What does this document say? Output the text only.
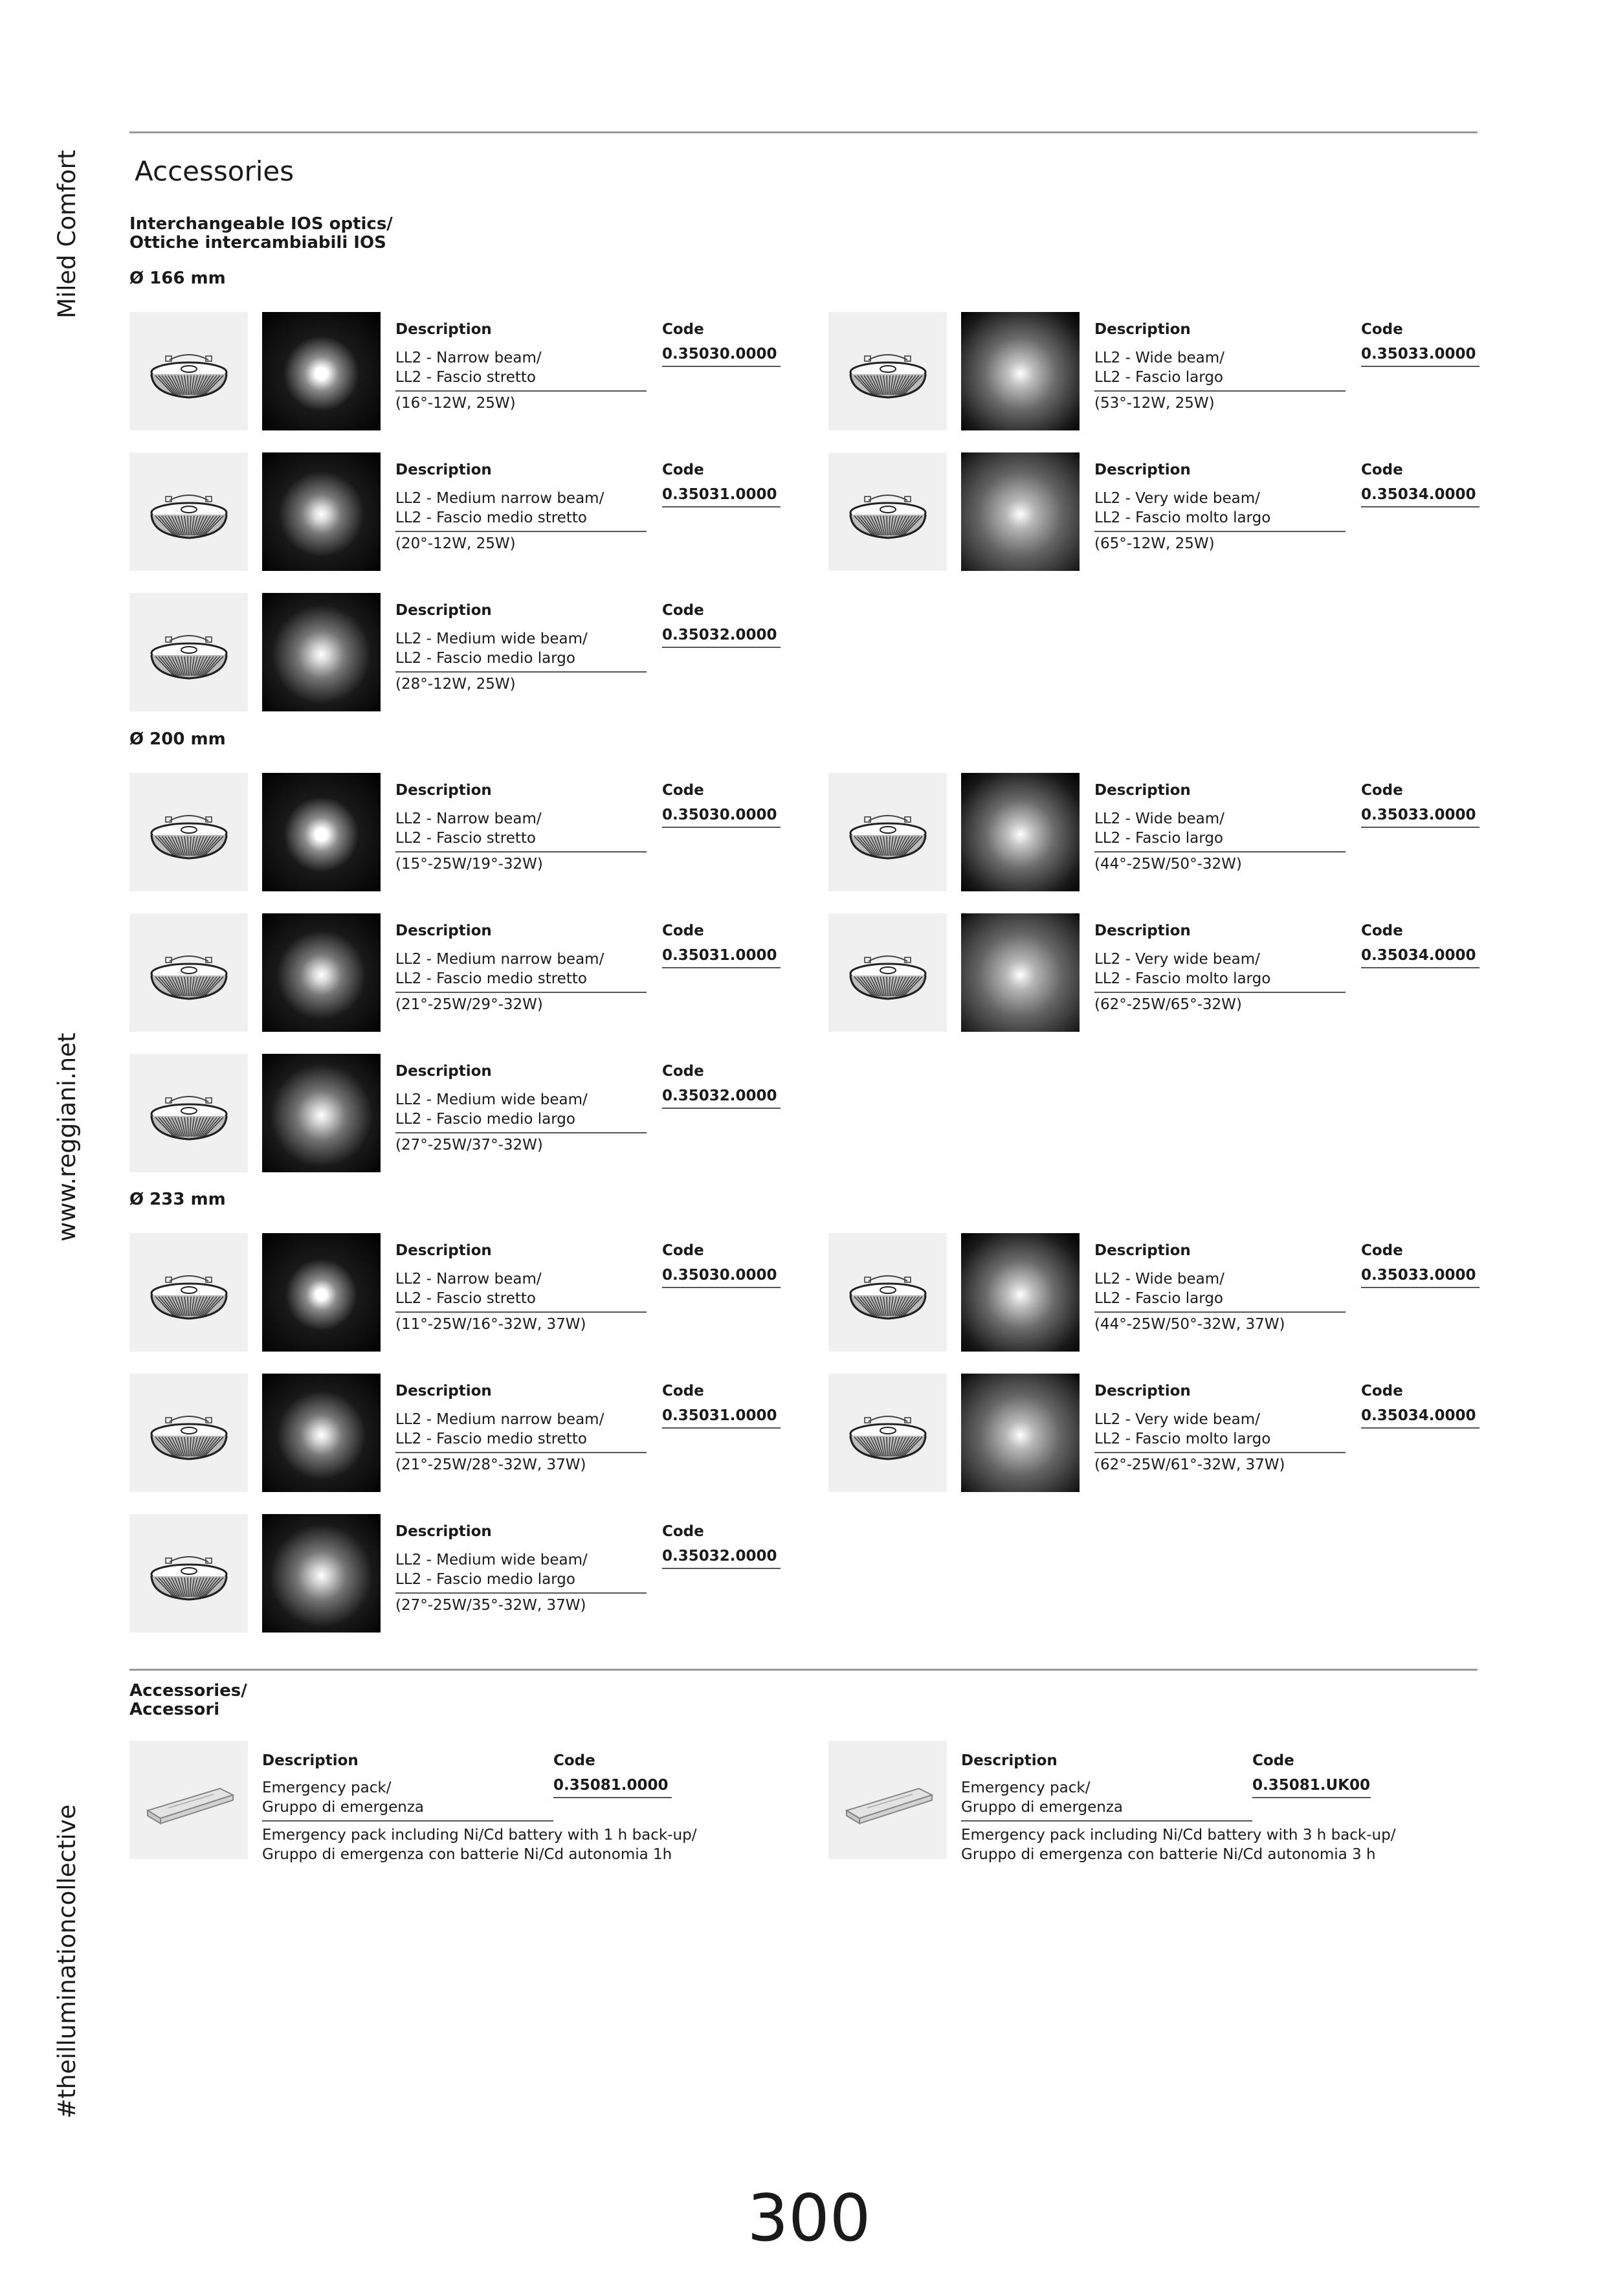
Miled Comfort
www.reggiani.net
#theilluminationcollective
Accessories
Interchangeable IOS optics/
Ottiche intercambiabili IOS
Ø 166 mm
Description	Code
LL2 - Narrow beam/
LL2 - Fascio stretto
(16°-12W, 25W)
0.35030.0000
Description	Code
LL2 - Wide beam/
LL2 - Fascio largo
(53°-12W, 25W)
0.35033.0000
Description	Code
LL2 - Medium narrow beam/
LL2 - Fascio medio stretto
(20°-12W, 25W)
0.35031.0000
Description	Code
LL2 - Very wide beam/
LL2 - Fascio molto largo
(65°-12W, 25W)
0.35034.0000
Description	Code
LL2 - Medium wide beam/
LL2 - Fascio medio largo
(28°-12W, 25W)
0.35032.0000
Ø 200 mm
Description	Code
LL2 - Narrow beam/
LL2 - Fascio stretto
(15°-25W/19°-32W)
0.35030.0000
Description	Code
LL2 - Wide beam/
LL2 - Fascio largo
(44°-25W/50°-32W)
0.35033.0000
Description	Code
LL2 - Medium narrow beam/
LL2 - Fascio medio stretto
(21°-25W/29°-32W)
0.35031.0000
Description	Code
LL2 - Very wide beam/
LL2 - Fascio molto largo
(62°-25W/65°-32W)
0.35034.0000
Description	Code
LL2 - Medium wide beam/
LL2 - Fascio medio largo
(27°-25W/37°-32W)
0.35032.0000
Ø 233 mm
Description	Code
LL2 - Narrow beam/
LL2 - Fascio stretto
(11°-25W/16°-32W, 37W)
0.35030.0000
Description	Code
LL2 - Wide beam/
LL2 - Fascio largo
(44°-25W/50°-32W, 37W)
0.35033.0000
Description	Code
LL2 - Medium narrow beam/
LL2 - Fascio medio stretto
(21°-25W/28°-32W, 37W)
0.35031.0000
Description	Code
LL2 - Very wide beam/
LL2 - Fascio molto largo
(62°-25W/61°-32W, 37W)
0.35034.0000
Description	Code
LL2 - Medium wide beam/
LL2 - Fascio medio largo
(27°-25W/35°-32W, 37W)
0.35032.0000
Accessories/
Accessori
Description	Code
Emergency pack/
Gruppo di emergenza
Emergency pack including Ni/Cd battery with 1 h back-up/
Gruppo di emergenza con batterie Ni/Cd autonomia 1h
0.35081.0000
Description	Code
Emergency pack/
Gruppo di emergenza
Emergency pack including Ni/Cd battery with 3 h back-up/
Gruppo di emergenza con batterie Ni/Cd autonomia 3 h
0.35081.UK00
300
